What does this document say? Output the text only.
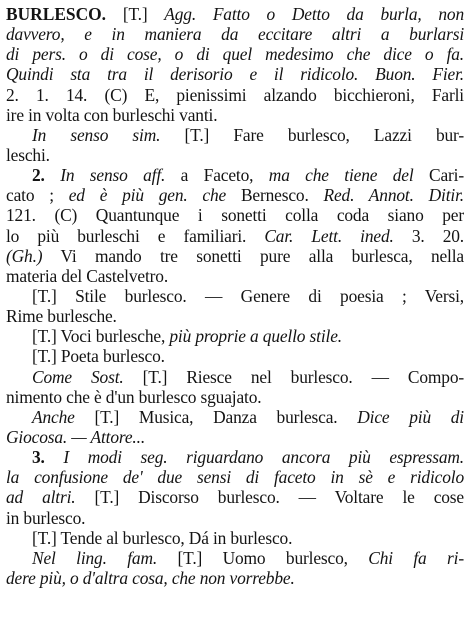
BURLESCO. [T.] Agg. Fatto o Detto da burla, non
davvero, e in maniera da eccitare altri a burlarsi
di pers. o di cose, o di quel medesimo che dice o fa.
Quindi sta tra il derisorio e il ridicolo. Buon. Fier.
2. 1. 14. (C) E, pienissimi alzando bicchieroni, Farli
ire in volta con burleschi vanti.
In senso sim. [T.] Fare burlesco, Lazzi bur-
leschi.
2. In senso aff. a Faceto, ma che tiene del Cari-
cato ; ed è più gen. che Bernesco. Red. Annot. Ditir.
121. (C) Quantunque i sonetti colla coda siano per
lo più burleschi e familiari. Car. Lett. ined. 3. 20.
(Gh.) Vi mando tre sonetti pure alla burlesca, nella
materia del Castelvetro.
[T.] Stile burlesco. — Genere di poesia ; Versi,
Rime burlesche.
[T.] Voci burlesche, più proprie a quello stile.
[T.] Poeta burlesco.
Come Sost. [T.] Riesce nel burlesco. — Compo-
nimento che è d'un burlesco sguajato.
Anche [T.] Musica, Danza burlesca. Dice più di
Giocosa. — Attore...
3. I modi seg. riguardano ancora più espressam.
la confusione de' due sensi di faceto in sè e ridicolo
ad altri. [T.] Discorso burlesco. — Voltare le cose
in burlesco.
[T.] Tende al burlesco, Dá in burlesco.
Nel ling. fam. [T.] Uomo burlesco, Chi fa ri-
dere più, o d'altra cosa, che non vorrebbe.
